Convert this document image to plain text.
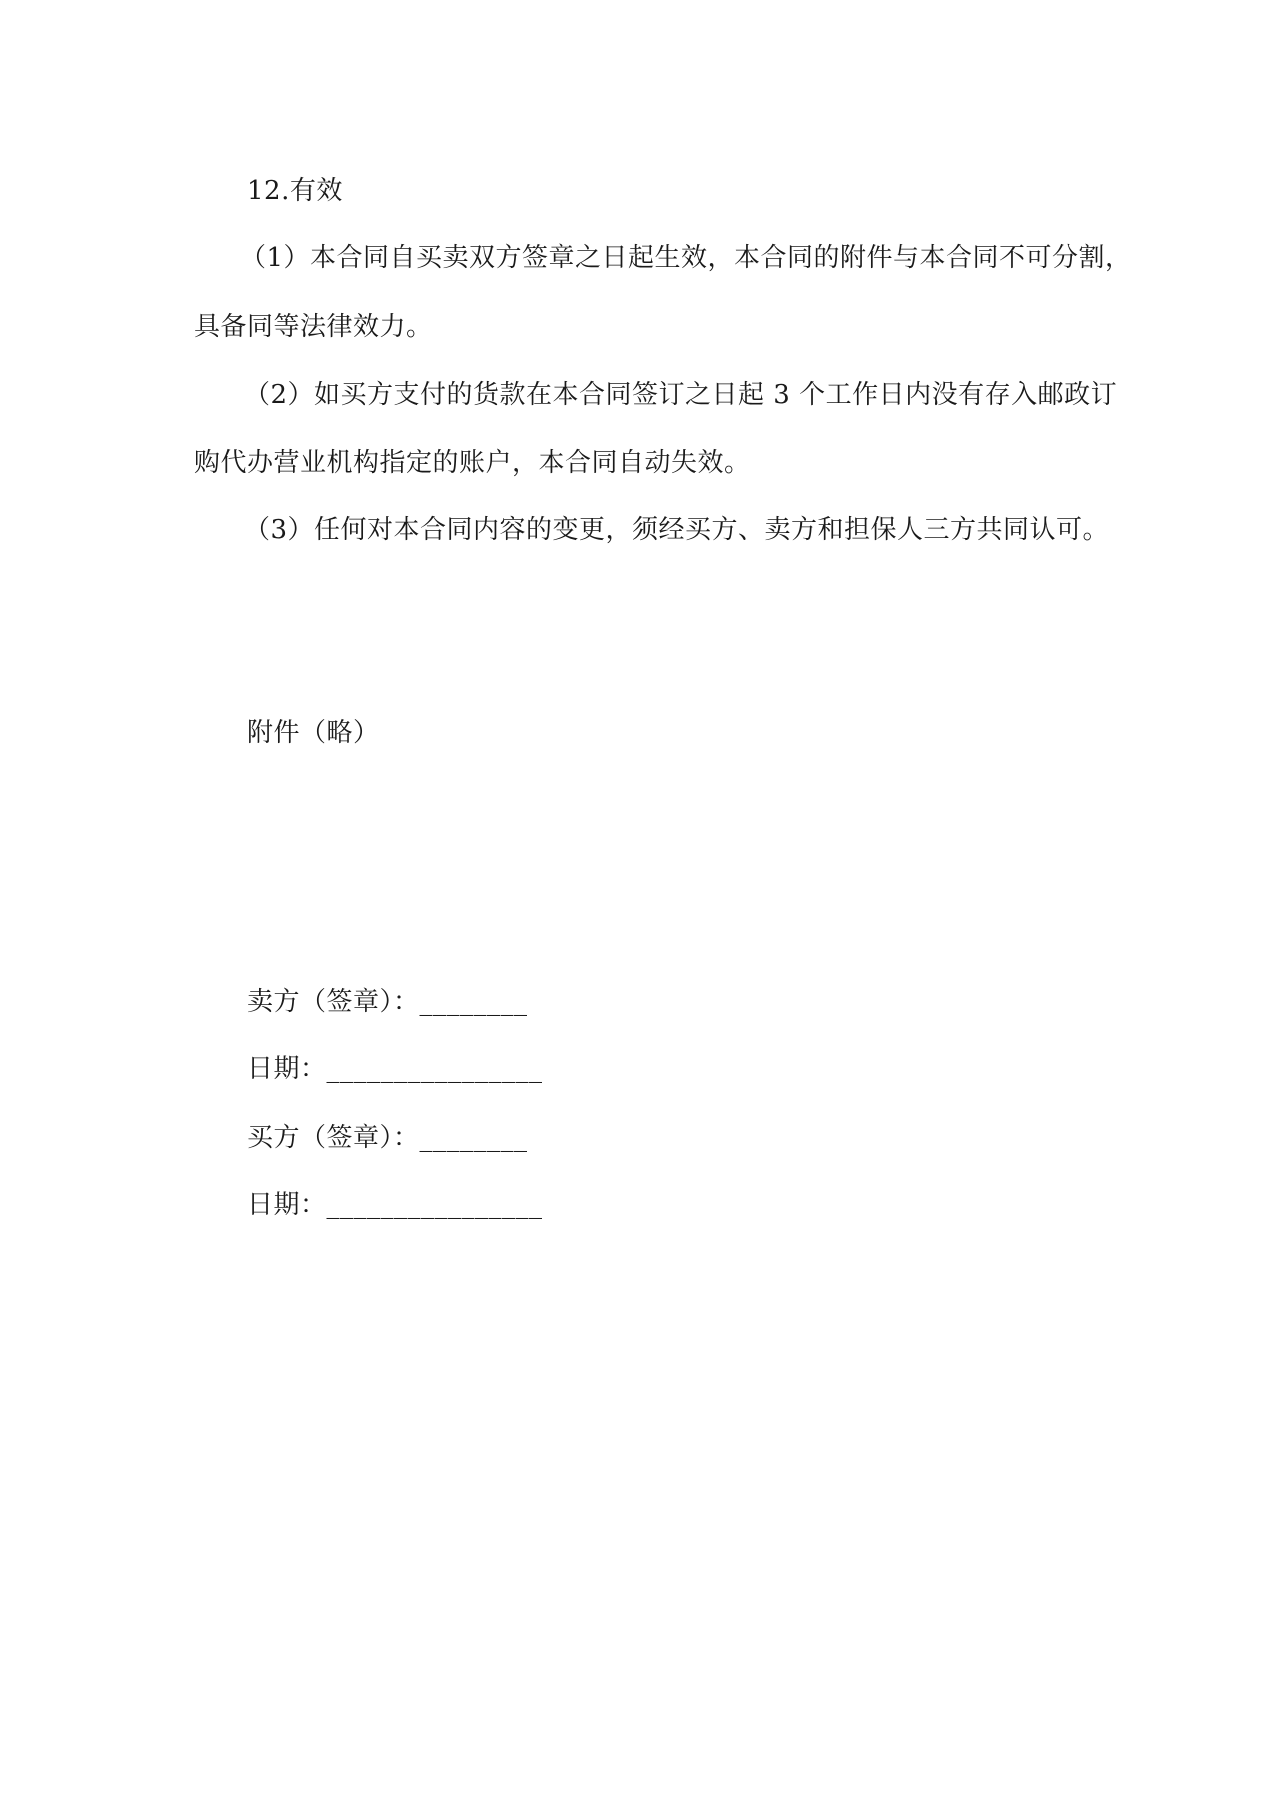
12.有效
（1）本合同自买卖双方签章之日起生效，本合同的附件与本合同不可分割，
具备同等法律效力。
（2）如买方支付的货款在本合同签订之日起 3 个工作日内没有存入邮政订
购代办营业机构指定的账户，本合同自动失效。
（3）任何对本合同内容的变更，须经买方、卖方和担保人三方共同认可。
附件（略）
卖方（签章）：________
日期：________________
买方（签章）：________
日期：________________
